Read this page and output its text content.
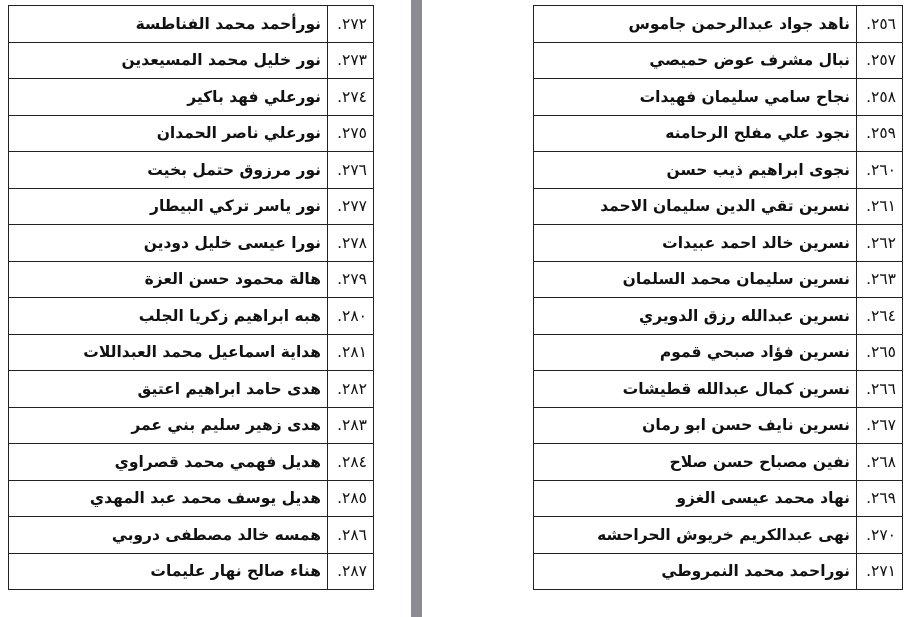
٢٧٢.	نورأحمد محمد الفناطسة
٢٧٣.	نور خليل محمد المسيعدين
٢٧٤.	نورعلي فهد باكير
٢٧٥.	نورعلي ناصر الحمدان
٢٧٦.	نور مرزوق حتمل بخيت
٢٧٧.	نور ياسر تركي البيطار
٢٧٨.	نورا عيسى خليل دودين
٢٧٩.	هالة محمود حسن العزة
٢٨٠.	هبه ابراهيم زكريا الجلب
٢٨١.	هداية اسماعيل محمد العبداللات
٢٨٢.	هدى حامد ابراهيم اعتيق
٢٨٣.	هدى زهير سليم بني عمر
٢٨٤.	هديل فهمي محمد قصراوي
٢٨٥.	هديل يوسف محمد عبد المهدي
٢٨٦.	همسه خالد مصطفى دروبي
٢٨٧.	هناء صالح نهار عليمات
٢٥٦.	ناهد جواد عبدالرحمن جاموس
٢٥٧.	نبال مشرف عوض حميصي
٢٥٨.	نجاح سامي سليمان فهيدات
٢٥٩.	نجود علي مفلح الرحامنه
٢٦٠.	نجوى ابراهيم ذيب حسن
٢٦١.	نسرين تقي الدين سليمان الاحمد
٢٦٢.	نسرين خالد احمد عبيدات
٢٦٣.	نسرين سليمان محمد السلمان
٢٦٤.	نسرين عبدالله رزق الدويري
٢٦٥.	نسرين فؤاد صبحي قموم
٢٦٦.	نسرين كمال عبدالله قطيشات
٢٦٧.	نسرين نايف حسن ابو رمان
٢٦٨.	نفين مصباح حسن صلاح
٢٦٩.	نهاد محمد عيسى الغزو
٢٧٠.	نهى عبدالكريم خريوش الحراحشه
٢٧١.	نوراحمد محمد النمروطي
